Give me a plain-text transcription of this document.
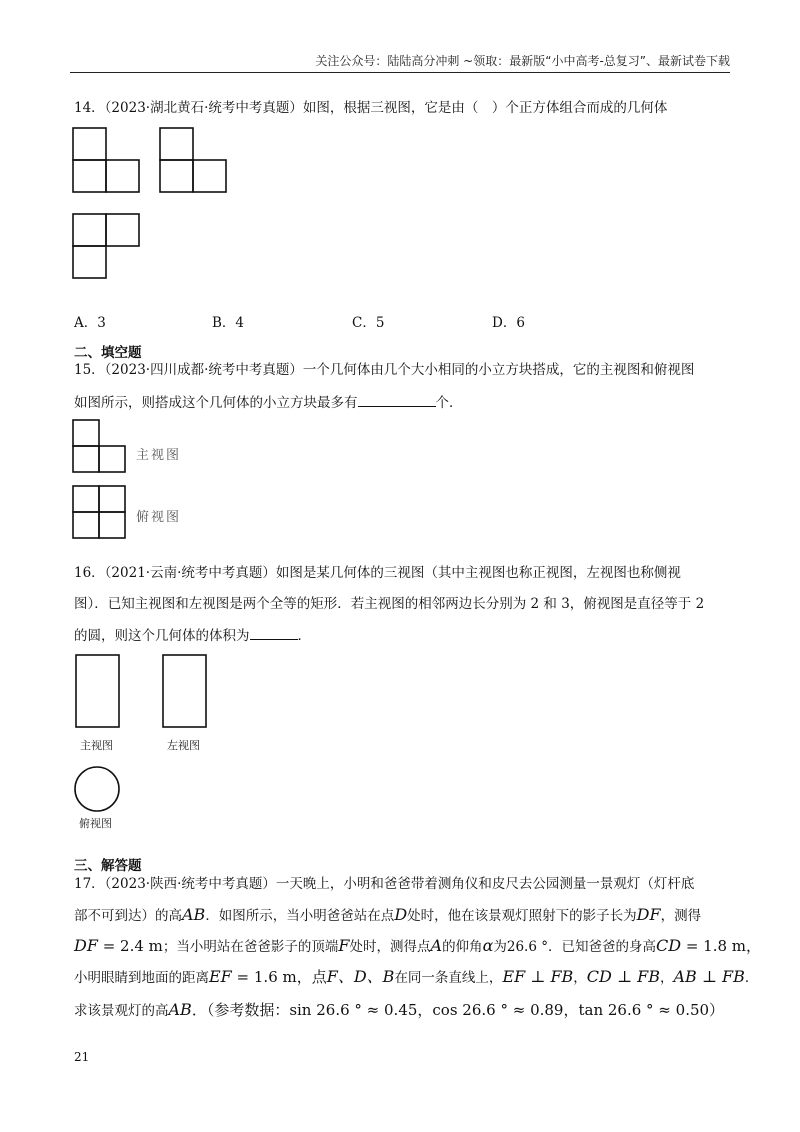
关注公众号：陆陆高分冲刺 ~领取：最新版“小中高考-总复习”、最新试卷下载
14．（2023·湖北黄石·统考中考真题）如图，根据三视图，它是由（　）个正方体组合而成的几何体
A．3	B．4	C．5	D．6
二、填空题
15．（2023·四川成都·统考中考真题）一个几何体由几个大小相同的小立方块搭成，它的主视图和俯视图
如图所示，则搭成这个几何体的小立方块最多有	个．
主视图
俯视图
16．（2021·云南·统考中考真题）如图是某几何体的三视图（其中主视图也称正视图，左视图也称侧视
图）．已知主视图和左视图是两个全等的矩形．若主视图的相邻两边长分别为 2 和 3，俯视图是直径等于 2
的圆，则这个几何体的体积为	．
主视图	左视图
俯视图
三、解答题
17．（2023·陕西·统考中考真题）一天晚上，小明和爸爸带着测角仪和皮尺去公园测量一景观灯（灯杆底
部不可到达）的高AB．如图所示，当小明爸爸站在点D处时，他在该景观灯照射下的影子长为DF，测得
DF = 2.4 m；当小明站在爸爸影子的顶端F处时，测得点A的仰角α为26.6 °．已知爸爸的身高CD = 1.8 m，
小明眼睛到地面的距离EF = 1.6 m，点F、D、B在同一条直线上，EF ⊥ FB，CD ⊥ FB，AB ⊥ FB．
求该景观灯的高AB．（参考数据：sin 26.6 ° ≈ 0.45，cos 26.6 ° ≈ 0.89，tan 26.6 ° ≈ 0.50）
21
